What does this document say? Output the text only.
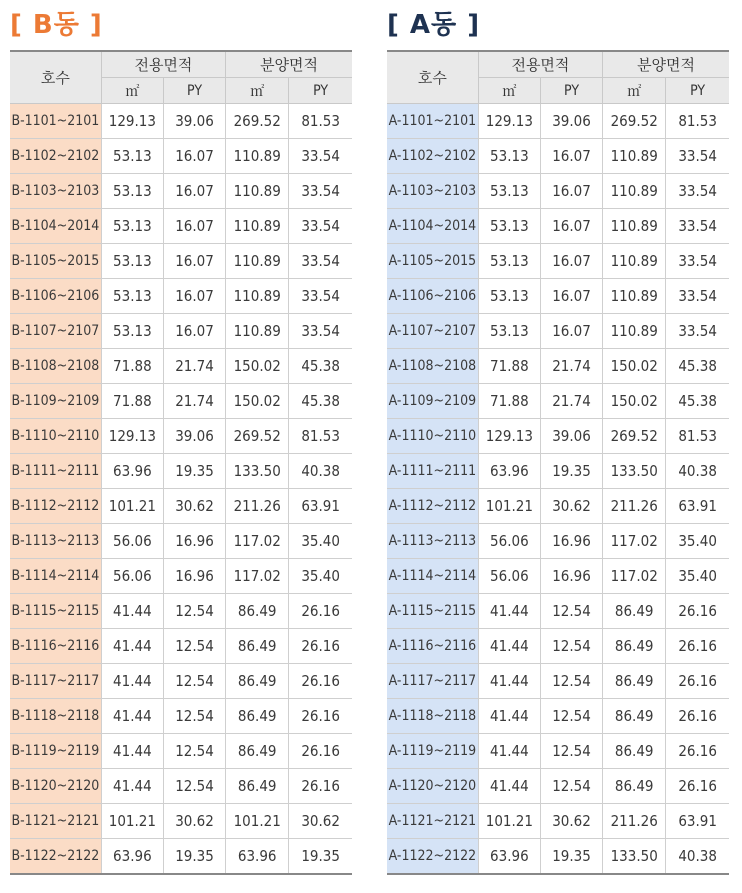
[ B동 ]
호수	전용면적		분양면적	
	㎡	PY	㎡	PY
B-1101~2101	129.13	39.06	269.52	81.53
B-1102~2102	53.13	16.07	110.89	33.54
B-1103~2103	53.13	16.07	110.89	33.54
B-1104~2014	53.13	16.07	110.89	33.54
B-1105~2015	53.13	16.07	110.89	33.54
B-1106~2106	53.13	16.07	110.89	33.54
B-1107~2107	53.13	16.07	110.89	33.54
B-1108~2108	71.88	21.74	150.02	45.38
B-1109~2109	71.88	21.74	150.02	45.38
B-1110~2110	129.13	39.06	269.52	81.53
B-1111~2111	63.96	19.35	133.50	40.38
B-1112~2112	101.21	30.62	211.26	63.91
B-1113~2113	56.06	16.96	117.02	35.40
B-1114~2114	56.06	16.96	117.02	35.40
B-1115~2115	41.44	12.54	86.49	26.16
B-1116~2116	41.44	12.54	86.49	26.16
B-1117~2117	41.44	12.54	86.49	26.16
B-1118~2118	41.44	12.54	86.49	26.16
B-1119~2119	41.44	12.54	86.49	26.16
B-1120~2120	41.44	12.54	86.49	26.16
B-1121~2121	101.21	30.62	101.21	30.62
B-1122~2122	63.96	19.35	63.96	19.35
[ A동 ]
호수	전용면적		분양면적	
	㎡	PY	㎡	PY
A-1101~2101	129.13	39.06	269.52	81.53
A-1102~2102	53.13	16.07	110.89	33.54
A-1103~2103	53.13	16.07	110.89	33.54
A-1104~2014	53.13	16.07	110.89	33.54
A-1105~2015	53.13	16.07	110.89	33.54
A-1106~2106	53.13	16.07	110.89	33.54
A-1107~2107	53.13	16.07	110.89	33.54
A-1108~2108	71.88	21.74	150.02	45.38
A-1109~2109	71.88	21.74	150.02	45.38
A-1110~2110	129.13	39.06	269.52	81.53
A-1111~2111	63.96	19.35	133.50	40.38
A-1112~2112	101.21	30.62	211.26	63.91
A-1113~2113	56.06	16.96	117.02	35.40
A-1114~2114	56.06	16.96	117.02	35.40
A-1115~2115	41.44	12.54	86.49	26.16
A-1116~2116	41.44	12.54	86.49	26.16
A-1117~2117	41.44	12.54	86.49	26.16
A-1118~2118	41.44	12.54	86.49	26.16
A-1119~2119	41.44	12.54	86.49	26.16
A-1120~2120	41.44	12.54	86.49	26.16
A-1121~2121	101.21	30.62	211.26	63.91
A-1122~2122	63.96	19.35	133.50	40.38
